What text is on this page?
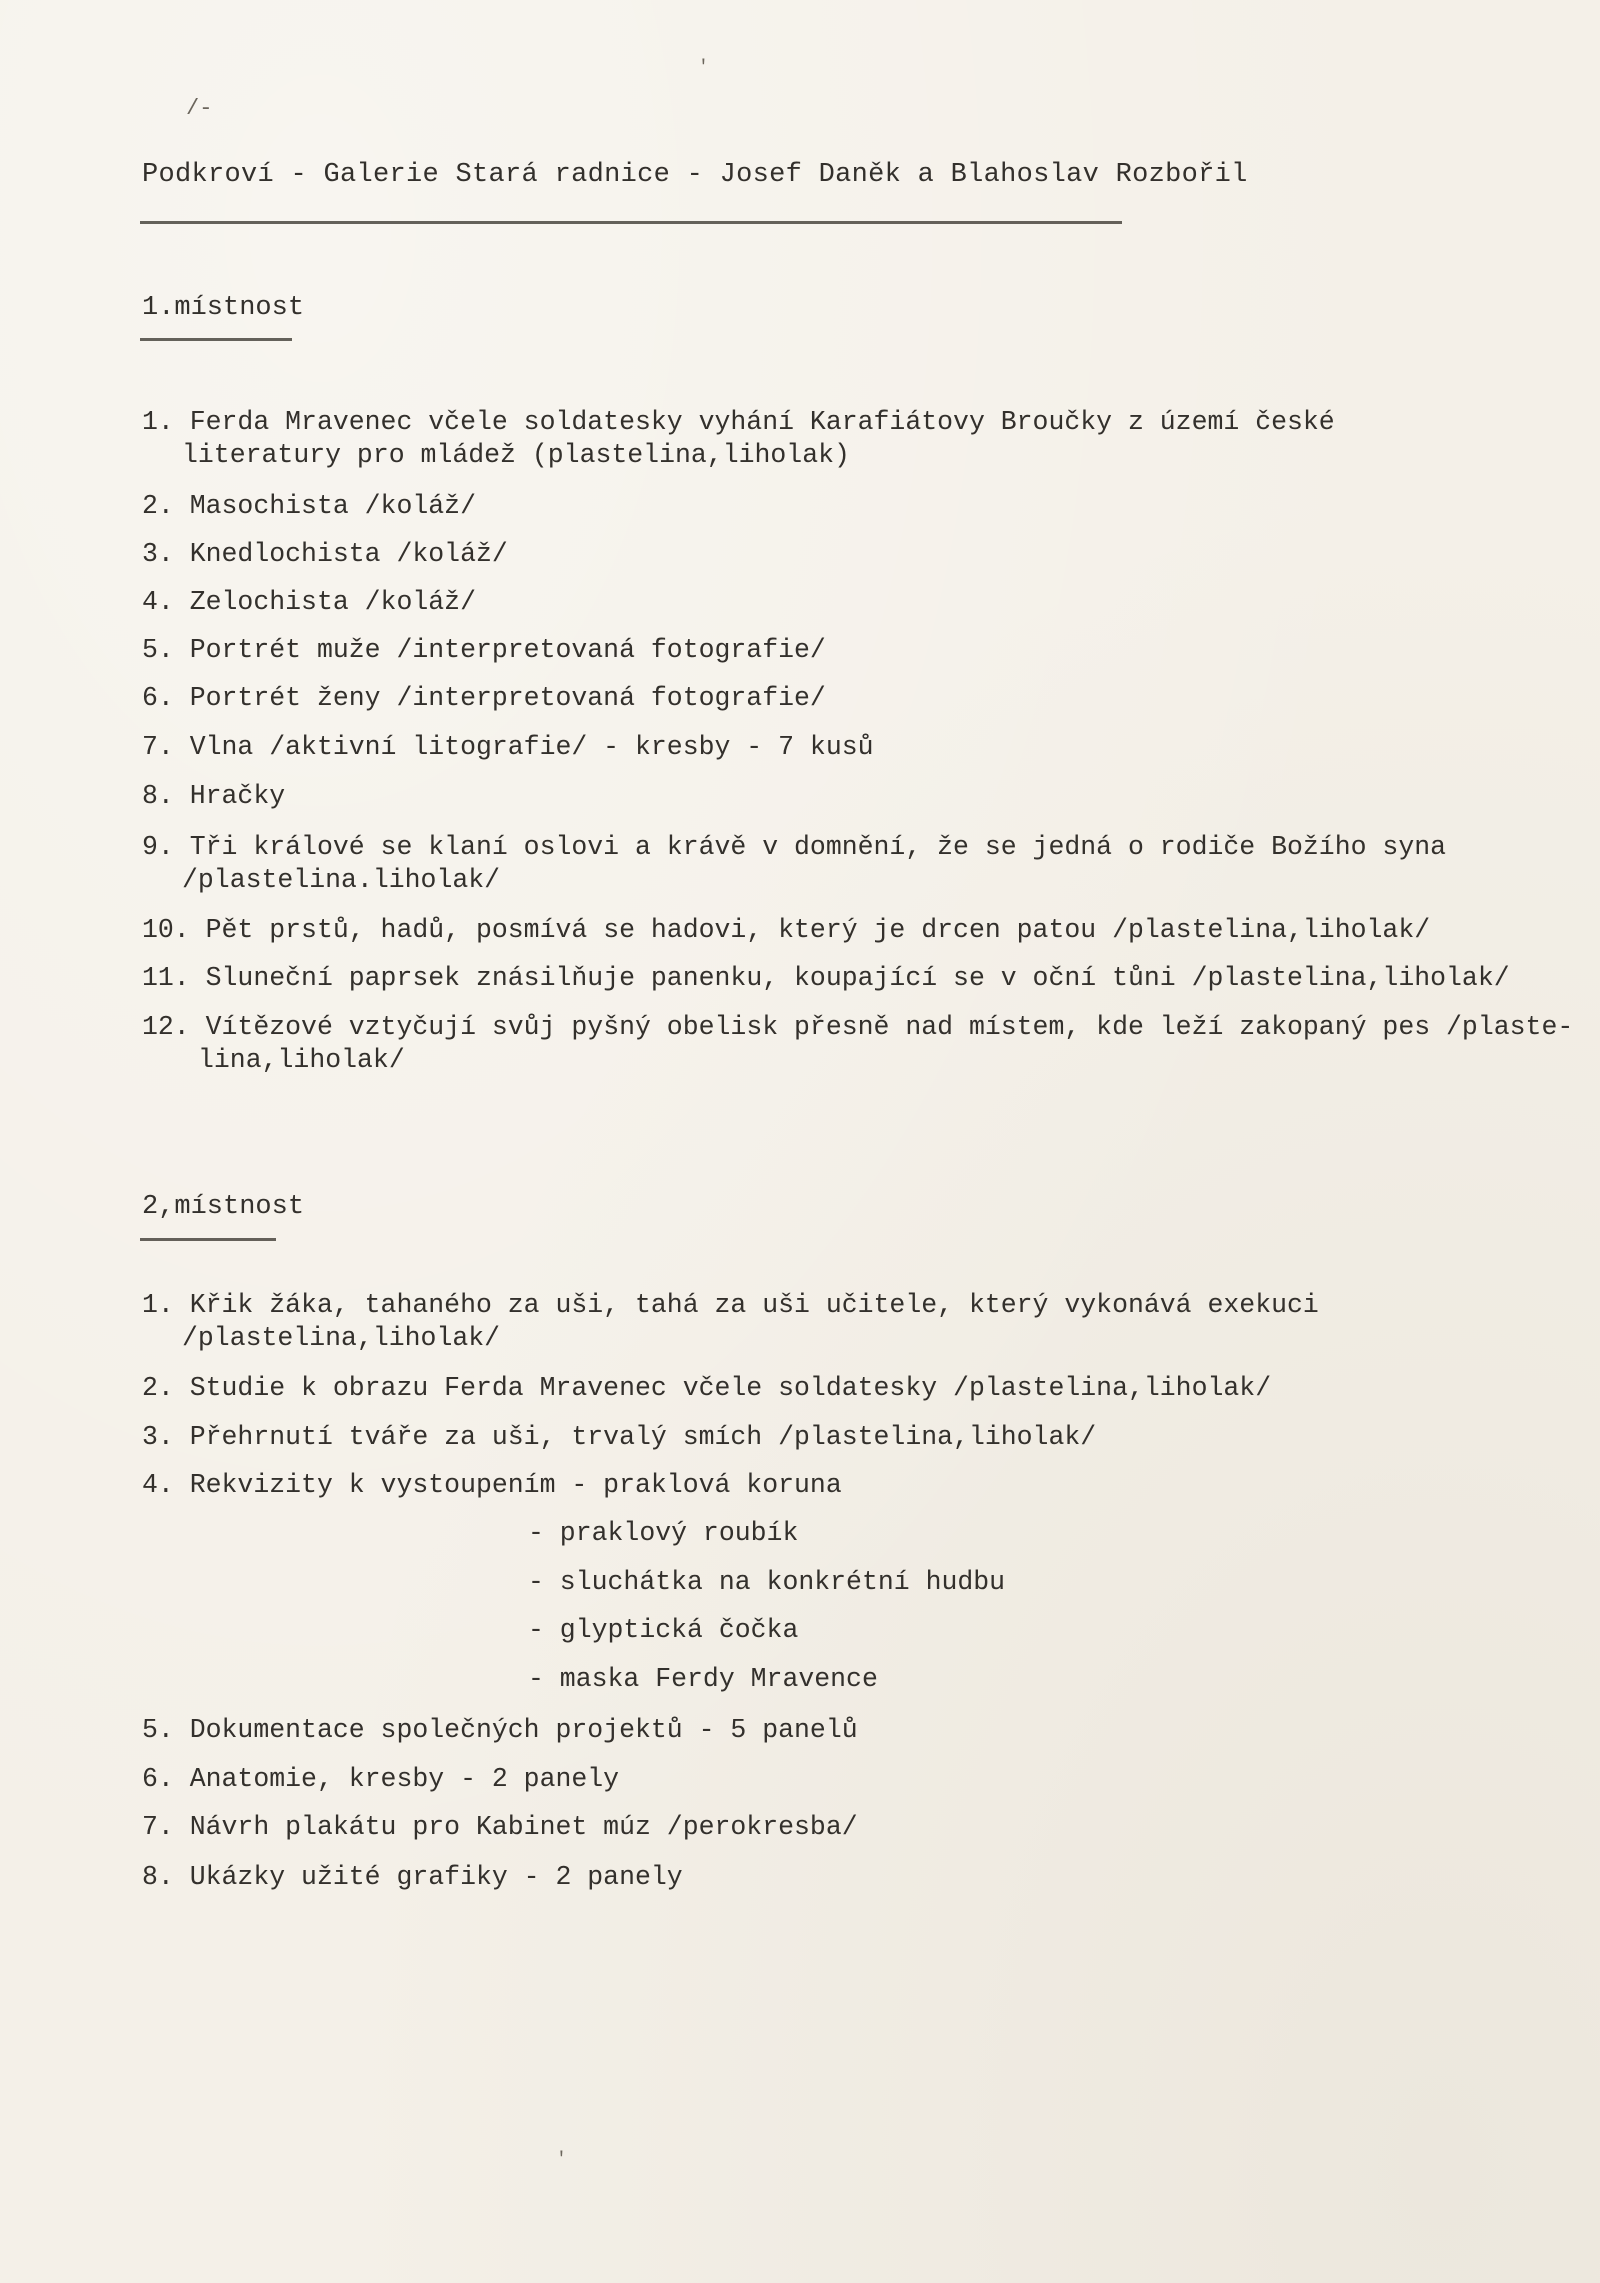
/-
'
'
Podkroví - Galerie Stará radnice - Josef Daněk a Blahoslav Rozbořil
1.místnost
1. Ferda Mravenec včele soldatesky vyhání Karafiátovy Broučky z území české
literatury pro mládež (plastelina,liholak)
2. Masochista /koláž/
3. Knedlochista /koláž/
4. Zelochista /koláž/
5. Portrét muže /interpretovaná fotografie/
6. Portrét ženy /interpretovaná fotografie/
7. Vlna /aktivní litografie/ - kresby - 7 kusů
8. Hračky
9. Tři králové se klaní oslovi a krávě v domnění, že se jedná o rodiče Božího syna
/plastelina.liholak/
10. Pět prstů, hadů, posmívá se hadovi, který je drcen patou /plastelina,liholak/
11. Sluneční paprsek znásilňuje panenku, koupající se v oční tůni /plastelina,liholak/
12. Vítězové vztyčují svůj pyšný obelisk přesně nad místem, kde leží zakopaný pes /plaste-
lina,liholak/
2,místnost
1. Křik žáka, tahaného za uši, tahá za uši učitele, který vykonává exekuci
/plastelina,liholak/
2. Studie k obrazu Ferda Mravenec včele soldatesky /plastelina,liholak/
3. Přehrnutí tváře za uši, trvalý smích /plastelina,liholak/
4. Rekvizity k vystoupením - praklová koruna
- praklový roubík
- sluchátka na konkrétní hudbu
- glyptická čočka
- maska Ferdy Mravence
5. Dokumentace společných projektů - 5 panelů
6. Anatomie, kresby - 2 panely
7. Návrh plakátu pro Kabinet múz /perokresba/
8. Ukázky užité grafiky - 2 panely
